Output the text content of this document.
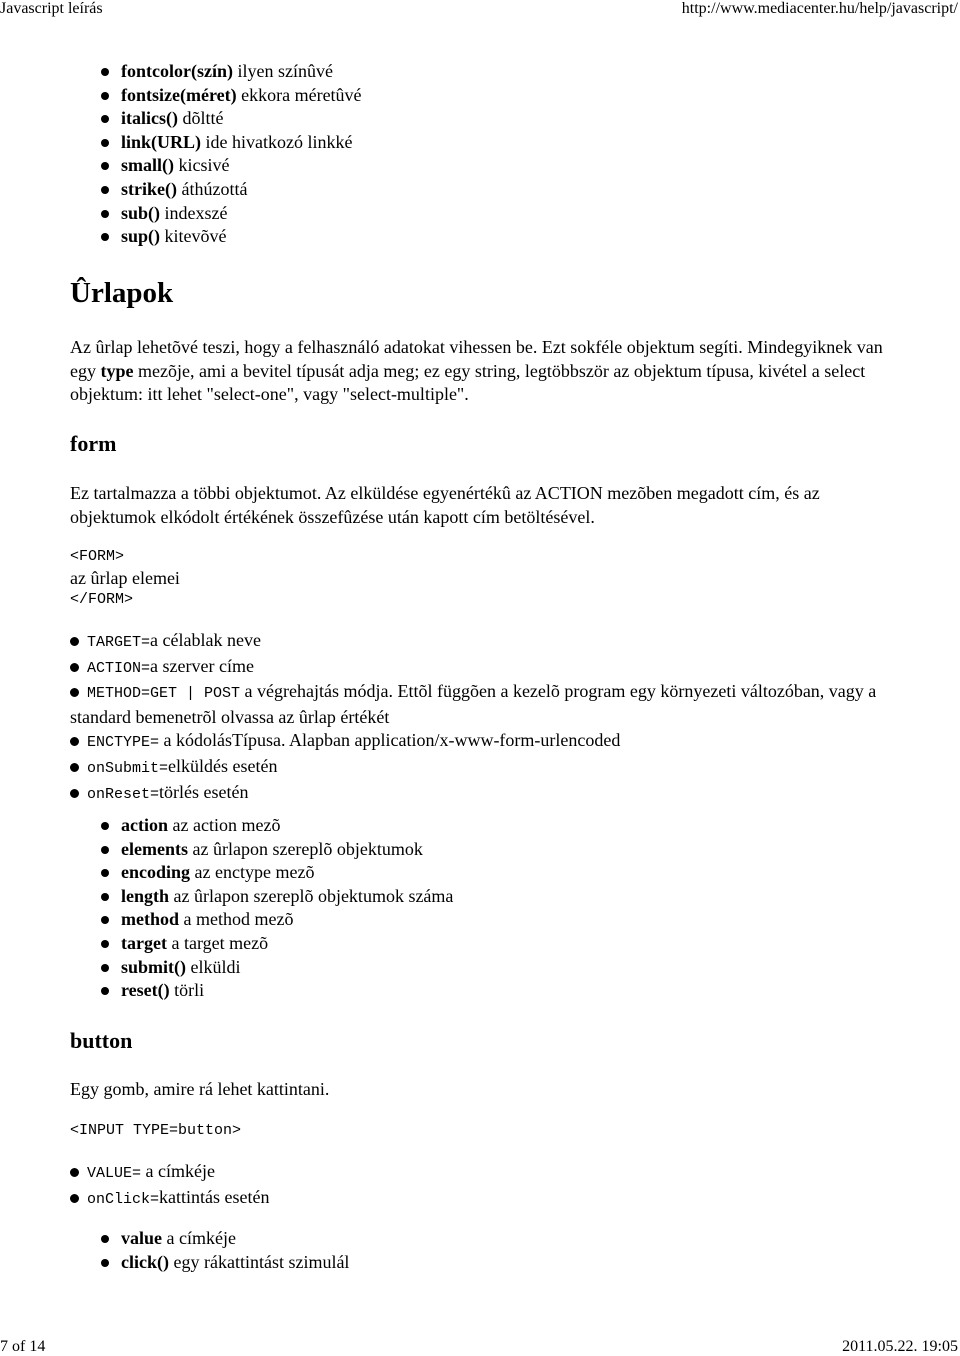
Javascript leírás	http://www.mediacenter.hu/help/javascript/
fontcolor(szín) ilyen színûvé
fontsize(méret) ekkora méretûvé
italics() dõltté
link(URL) ide hivatkozó linkké
small() kicsivé
strike() áthúzottá
sub() indexszé
sup() kitevõvé
Ûrlapok

Az ûrlap lehetõvé teszi, hogy a felhasználó adatokat vihessen be. Ezt sokféle objektum segíti. Mindegyiknek van egy type mezõje, ami a bevitel típusát adja meg; ez egy string, legtöbbször az objektum típusa, kivétel a select objektum: itt lehet "select-one", vagy "select-multiple".

form

Ez tartalmazza a többi objektumot. Az elküldése egyenértékû az ACTION mezõben megadott cím, és az objektumok elkódolt értékének összefûzése után kapott cím betöltésével.

<FORM>
az ûrlap elemei
</FORM>
TARGET=a célablak neve
ACTION=a szerver címe
METHOD=GET | POST a végrehajtás módja. Ettõl függõen a kezelõ program egy környezeti változóban, vagy a standard bemenetrõl olvassa az ûrlap értékét
ENCTYPE= a kódolásTípusa. Alapban application/x-www-form-urlencoded
onSubmit=elküldés esetén
onReset=törlés esetén
action az action mezõ
elements az ûrlapon szereplõ objektumok
encoding az enctype mezõ
length az ûrlapon szereplõ objektumok száma
method a method mezõ
target a target mezõ
submit() elküldi
reset() törli
button

Egy gomb, amire rá lehet kattintani.

<INPUT TYPE=button>
VALUE= a címkéje
onClick=kattintás esetén
value a címkéje
click() egy rákattintást szimulál
7 of 14	2011.05.22. 19:05
